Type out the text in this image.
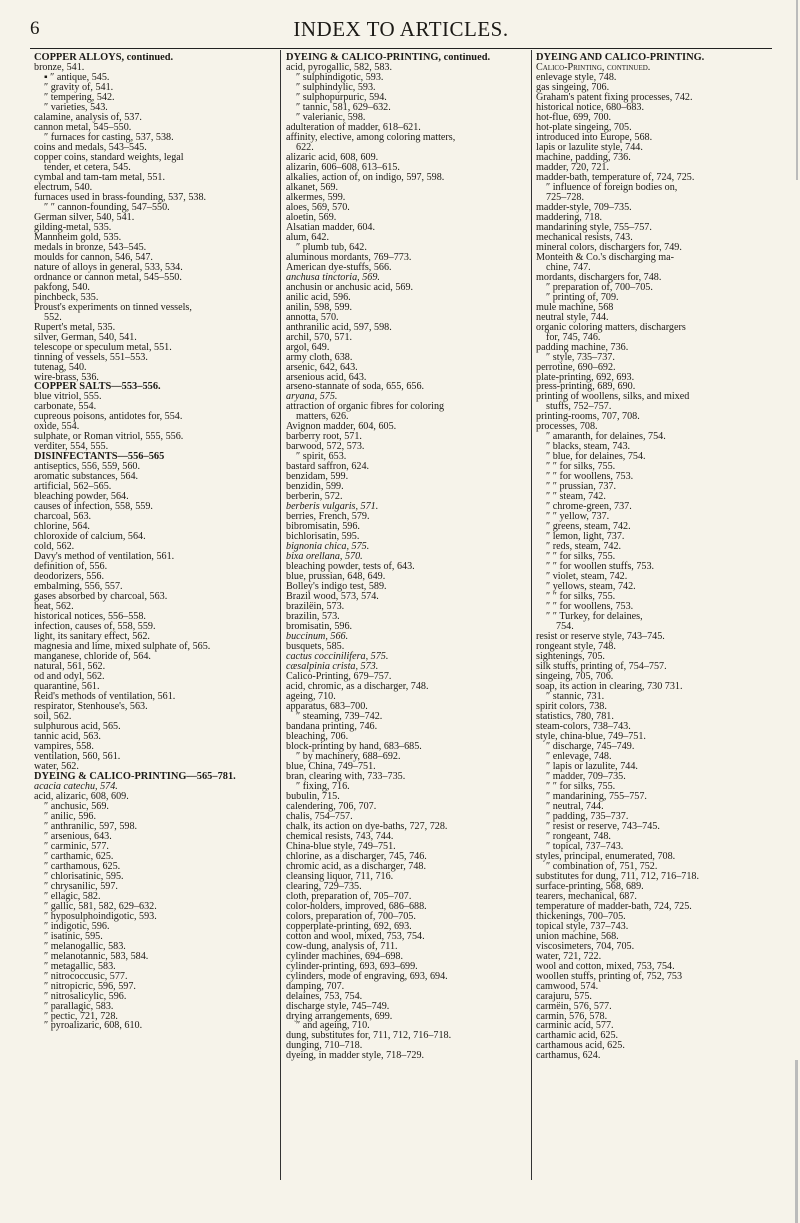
6	INDEX TO ARTICLES.
COPPER ALLOYS, continued.
bronze, 541.
▪ ″ antique, 545.
″ gravity of, 541.
″ tempering, 542.
″ varieties, 543.
calamine, analysis of, 537.
cannon metal, 545–550.
″ furnaces for casting, 537, 538.
coins and medals, 543–545.
copper coins, standard weights, legal
tender, et cetera, 545.
cymbal and tam-tam metal, 551.
electrum, 540.
furnaces used in brass-founding, 537, 538.
″ ″ cannon-founding, 547–550.
German silver, 540, 541.
gilding-metal, 535.
Mannheim gold, 535.
medals in bronze, 543–545.
moulds for cannon, 546, 547.
nature of alloys in general, 533, 534.
ordnance or cannon metal, 545–550.
pakfong, 540.
pinchbeck, 535.
Proust's experiments on tinned vessels,
552.
Rupert's metal, 535.
silver, German, 540, 541.
telescope or speculum metal, 551.
tinning of vessels, 551–553.
tutenag, 540.
wire-brass, 536.
COPPER SALTS—553–556.
blue vitriol, 555.
carbonate, 554.
cupreous poisons, antidotes for, 554.
oxide, 554.
sulphate, or Roman vitriol, 555, 556.
verditer, 554, 555.
DISINFECTANTS—556–565
antiseptics, 556, 559, 560.
aromatic substances, 564.
artificial, 562–565.
bleaching powder, 564.
causes of infection, 558, 559.
charcoal, 563.
chlorine, 564.
chloroxide of calcium, 564.
cold, 562.
Davy's method of ventilation, 561.
definition of, 556.
deodorizers, 556.
embalming, 556, 557.
gases absorbed by charcoal, 563.
heat, 562.
historical notices, 556–558.
infection, causes of, 558, 559.
light, its sanitary effect, 562.
magnesia and lime, mixed sulphate of, 565.
manganese, chloride of, 564.
natural, 561, 562.
od and odyl, 562.
quarantine, 561.
Reid's methods of ventilation, 561.
respirator, Stenhouse's, 563.
soil, 562.
sulphurous acid, 565.
tannic acid, 563.
vampires, 558.
ventilation, 560, 561.
water, 562.
DYEING & CALICO-PRINTING—565–781.
acacia catechu, 574.
acid, alizaric, 608, 609.
″ anchusic, 569.
″ anilic, 596.
″ anthranilic, 597, 598.
″ arsenious, 643.
″ carminic, 577.
″ carthamic, 625.
″ carthamous, 625.
″ chlorisatinic, 595.
″ chrysanilic, 597.
″ ellagic, 582.
″ gallic, 581, 582, 629–632.
″ hyposulphoindigotic, 593.
″ indigotic, 596.
″ isatinic, 595.
″ melanogallic, 583.
″ melanotannic, 583, 584.
″ metagallic, 583.
″ nitrococcusic, 577.
″ nitropicric, 596, 597.
″ nitrosalicylic, 596.
″ parallagic, 583.
″ pectic, 721, 728.
″ pyroalizaric, 608, 610.
DYEING & CALICO-PRINTING, continued.
acid, pyrogallic, 582, 583.
″ sulphindigotic, 593.
″ sulphindylic, 593.
″ sulphopurpuric, 594.
″ tannic, 581, 629–632.
″ valerianic, 598.
adulteration of madder, 618–621.
affinity, elective, among coloring matters,
622.
alizaric acid, 608, 609.
alizarin, 606–608, 613–615.
alkalies, action of, on indigo, 597, 598.
alkanet, 569.
alkermes, 599.
aloes, 569, 570.
aloetin, 569.
Alsatian madder, 604.
alum, 642.
″ plumb tub, 642.
aluminous mordants, 769–773.
American dye-stuffs, 566.
anchusa tinctoria, 569.
anchusin or anchusic acid, 569.
anilic acid, 596.
anilin, 598, 599.
annotta, 570.
anthranilic acid, 597, 598.
archil, 570, 571.
argol, 649.
army cloth, 638.
arsenic, 642, 643.
arsenious acid, 643.
arseno-stannate of soda, 655, 656.
aryana, 575.
attraction of organic fibres for coloring
matters, 626.
Avignon madder, 604, 605.
barberry root, 571.
barwood, 572, 573.
″ spirit, 653.
bastard saffron, 624.
benzidam, 599.
benzidin, 599.
berberin, 572.
berberis vulgaris, 571.
berries, French, 579.
bibromisatin, 596.
bichlorisatin, 595.
bignonia chica, 575.
bixa orellana, 570.
bleaching powder, tests of, 643.
blue, prussian, 648, 649.
Bolley's indigo test, 589.
Brazil wood, 573, 574.
brazilëin, 573.
brazilin, 573.
bromisatin, 596.
buccinum, 566.
busquets, 585.
cactus cocciniliferа, 575.
cæsalpinia crista, 573.
Calico-Printing, 679–757.
acid, chromic, as a discharger, 748.
ageing, 710.
apparatus, 683–700.
″ steaming, 739–742.
bandana printing, 746.
bleaching, 706.
block-printing by hand, 683–685.
″ by machinery, 688–692.
blue, China, 749–751.
bran, clearing with, 733–735.
″ fixing, 716.
bubulin, 715.
calendering, 706, 707.
chalis, 754–757.
chalk, its action on dye-baths, 727, 728.
chemical resists, 743, 744.
China-blue style, 749–751.
chlorine, as a discharger, 745, 746.
chromic acid, as a discharger, 748.
cleansing liquor, 711, 716.
clearing, 729–735.
cloth, preparation of, 705–707.
color-holders, improved, 686–688.
colors, preparation of, 700–705.
copperplate-printing, 692, 693.
cotton and wool, mixed, 753, 754.
cow-dung, analysis of, 711.
cylinder machines, 694–698.
cylinder-printing, 693, 693–699.
cylinders, mode of engraving, 693, 694.
damping, 707.
delaines, 753, 754.
discharge style, 745–749.
drying arrangements, 699.
″ and ageing, 710.
dung, substitutes for, 711, 712, 716–718.
dunging, 710–718.
dyeing, in madder style, 718–729.
DYEING AND CALICO-PRINTING.
Calico-Printing, continued.
enlevage style, 748.
gas singeing, 706.
Graham's patent fixing processes, 742.
historical notice, 680–683.
hot-flue, 699, 700.
hot-plate singeing, 705.
introduced into Europe, 568.
lapis or lazulite style, 744.
machine, padding, 736.
madder, 720, 721.
madder-bath, temperature of, 724, 725.
″ influence of foreign bodies on,
725–728.
madder-style, 709–735.
maddering, 718.
mandarining style, 755–757.
mechanical resists, 743.
mineral colors, dischargers for, 749.
Monteith & Co.'s discharging ma-
chine, 747.
mordants, dischargers for, 748.
″ preparation of, 700–705.
″ printing of, 709.
mule machine, 568
neutral style, 744.
organic coloring matters, dischargers
for, 745, 746.
padding machine, 736.
″ style, 735–737.
perrotine, 690–692.
plate-printing, 692, 693.
press-printing, 689, 690.
printing of woollens, silks, and mixed
stuffs, 752–757.
printing-rooms, 707, 708.
processes, 708.
″ amaranth, for delaines, 754.
″ blacks, steam, 743.
″ blue, for delaines, 754.
″ ″ for silks, 755.
″ ″ for woollens, 753.
″ ″ prussian, 737.
″ ″ steam, 742.
″ chrome-green, 737.
″ ″ yellow, 737.
″ greens, steam, 742.
″ lemon, light, 737.
″ reds, steam, 742.
″ ″ for silks, 755.
″ ″ for woollen stuffs, 753.
″ violet, steam, 742.
″ yellows, steam, 742.
″ ″ for silks, 755.
″ ″ for woollens, 753.
″ ″ Turkey, for delaines,
754.
resist or reserve style, 743–745.
rongeant style, 748.
sightenings, 705.
silk stuffs, printing of, 754–757.
singeing, 705, 706.
soap, its action in clearing, 730 731.
″ stannic, 731.
spirit colors, 738.
statistics, 780, 781.
steam-colors, 738–743.
style, china-blue, 749–751.
″ discharge, 745–749.
″ enlevage, 748.
″ lapis or lazulite, 744.
″ madder, 709–735.
″ ″ for silks, 755.
″ mandarining, 755–757.
″ neutral, 744.
″ padding, 735–737.
″ resist or reserve, 743–745.
″ rongeant, 748.
″ topical, 737–743.
styles, principal, enumerated, 708.
″ combination of, 751, 752.
substitutes for dung, 711, 712, 716–718.
surface-printing, 568, 689.
tearers, mechanical, 687.
temperature of madder-bath, 724, 725.
thickenings, 700–705.
topical style, 737–743.
union machine, 568.
viscosimeters, 704, 705.
water, 721, 722.
wool and cotton, mixed, 753, 754.
woollen stuffs, printing of, 752, 753
camwood, 574.
carajuru, 575.
carmëin, 576, 577.
carmin, 576, 578.
carminic acid, 577.
carthamic acid, 625.
carthamous acid, 625.
carthamus, 624.
